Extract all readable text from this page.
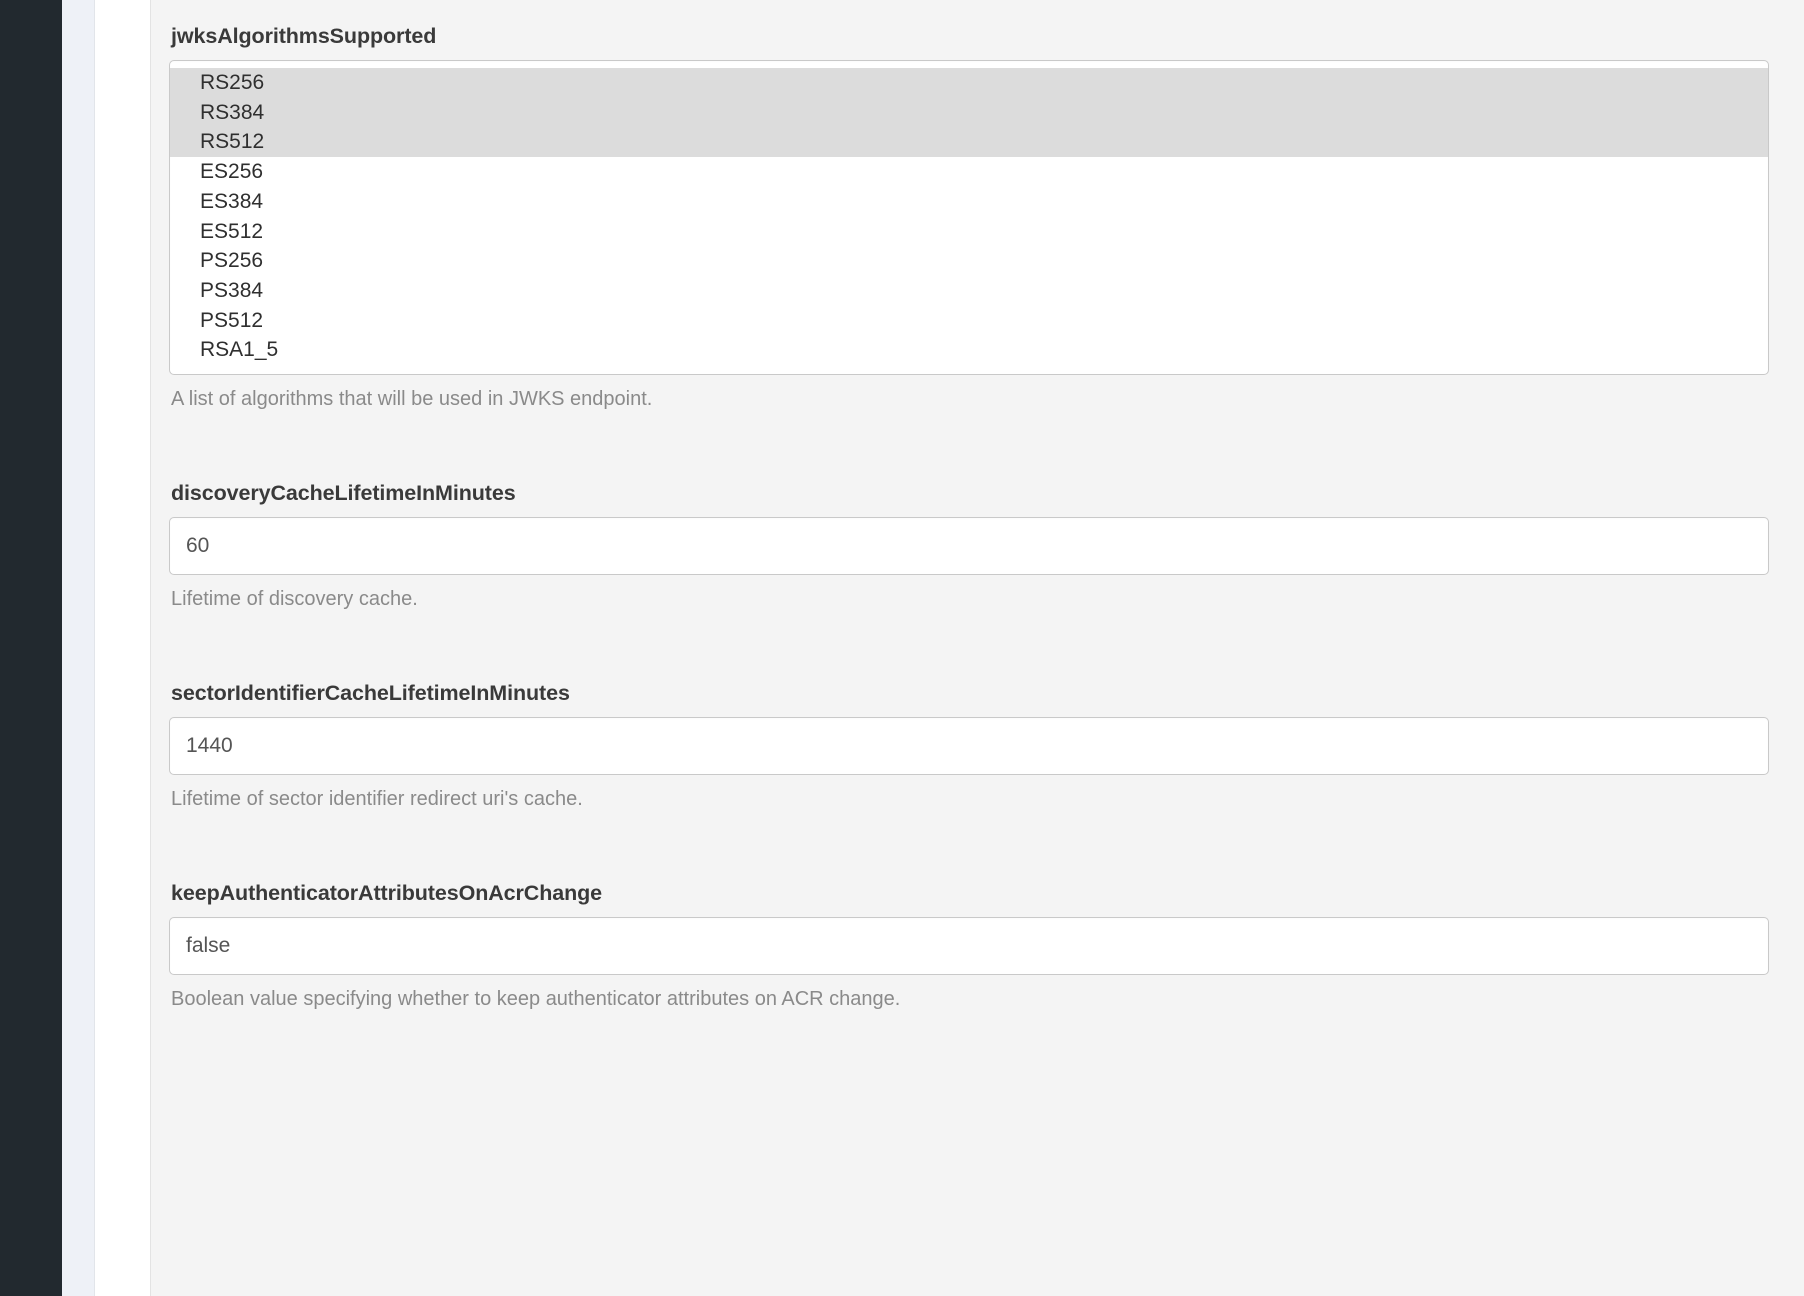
jwksAlgorithmsSupported
RS256
RS384
RS512
ES256
ES384
ES512
PS256
PS384
PS512
RSA1_5
A list of algorithms that will be used in JWKS endpoint.
discoveryCacheLifetimeInMinutes
60
Lifetime of discovery cache.
sectorIdentifierCacheLifetimeInMinutes
1440
Lifetime of sector identifier redirect uri's cache.
keepAuthenticatorAttributesOnAcrChange
false
Boolean value specifying whether to keep authenticator attributes on ACR change.
